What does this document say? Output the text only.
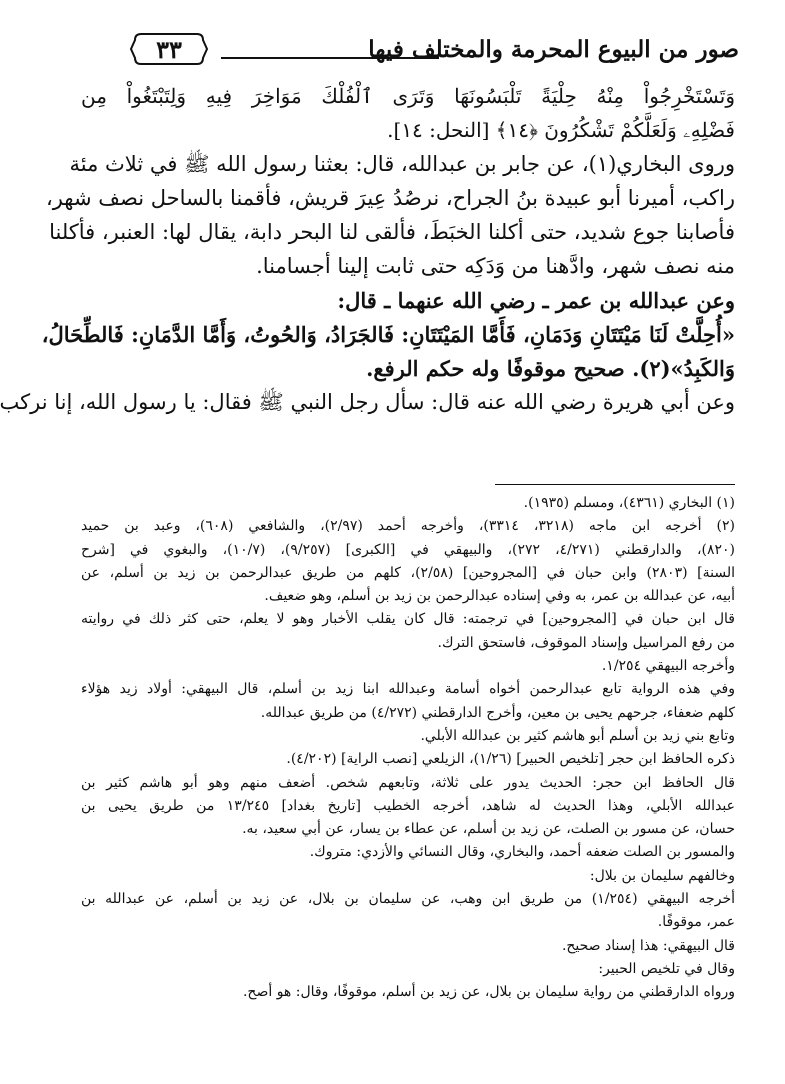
صور من البيوع المحرمة والمختلف فيها
٣٣
وَتَسْتَخْرِجُواْ مِنْهُ حِلْيَةً تَلْبَسُونَهَا وَتَرَى ٱلْفُلْكَ مَوَاخِرَ فِيهِ وَلِتَبْتَغُواْ مِن
فَضْلِهِۦ وَلَعَلَّكُمْ تَشْكُرُونَ ﴿١٤﴾ [النحل: ١٤].
وروى البخاري(١)، عن جابر بن عبدالله، قال: بعثنا رسول الله ﷺ في ثلاث مئة
راكب، أميرنا أبو عبيدة بنُ الجراح، نرصُدُ عِيرَ قريش، فأقمنا بالساحل نصف شهر،
فأصابنا جوع شديد، حتى أكلنا الخبَطَ، فألقى لنا البحر دابة، يقال لها: العنبر، فأكلنا
منه نصف شهر، وادَّهنا من وَدَكِه حتى ثابت إلينا أجسامنا.
وعن عبدالله بن عمر ـ رضي الله عنهما ـ قال:
«أُحِلَّتْ لَنَا مَيْتَتَانِ وَدَمَانِ، فَأَمَّا المَيْتَتَانِ: فَالجَرَادُ، وَالحُوتُ، وَأَمَّا الدَّمَانِ: فَالطِّحَالُ،
وَالكَبِدُ»(٢). صحيح موقوفًا وله حكم الرفع.
وعن أبي هريرة رضي الله عنه قال: سأل رجل النبي ﷺ فقال: يا رسول الله، إنا نركب
(١) البخاري (٤٣٦١)، ومسلم (١٩٣٥).
(٢) أخرجه ابن ماجه (٣٢١٨، ٣٣١٤)، وأخرجه أحمد (٢/٩٧)، والشافعي (٦٠٨)، وعبد بن حميد
(٨٢٠)، والدارقطني (٤/٢٧١، ٢٧٢)، والبيهقي في [الكبرى] (٩/٢٥٧)، (١٠/٧)، والبغوي في [شرح
السنة] (٢٨٠٣) وابن حبان في [المجروحين] (٢/٥٨)، كلهم من طريق عبدالرحمن بن زيد بن أسلم، عن
أبيه، عن عبدالله بن عمر، به وفي إسناده عبدالرحمن بن زيد بن أسلم، وهو ضعيف.
قال ابن حبان في [المجروحين] في ترجمته: قال كان يقلب الأخبار وهو لا يعلم، حتى كثر ذلك في روايته
من رفع المراسيل وإسناد الموقوف، فاستحق الترك.
وأخرجه البيهقي ١/٢٥٤.
وفي هذه الرواية تابع عبدالرحمن أخواه أسامة وعبدالله ابنا زيد بن أسلم، قال البيهقي: أولاد زيد هؤلاء
كلهم ضعفاء، جرحهم يحيى بن معين، وأخرج الدارقطني (٤/٢٧٢) من طريق عبدالله.
وتابع بني زيد بن أسلم أبو هاشم كثير بن عبدالله الأبلي.
ذكره الحافظ ابن حجر [تلخيص الحبير] (١/٢٦)، الزيلعي [نصب الراية] (٤/٢٠٢).
قال الحافظ ابن حجر: الحديث يدور على ثلاثة، وتابعهم شخص. أضعف منهم وهو أبو هاشم كثير بن
عبدالله الأبلي، وهذا الحديث له شاهد، أخرجه الخطيب [تاريخ بغداد] ١٣/٢٤٥ من طريق يحيى بن
حسان، عن مسور بن الصلت، عن زيد بن أسلم، عن عطاء بن يسار، عن أبي سعيد، به.
والمسور بن الصلت ضعفه أحمد، والبخاري، وقال النسائي والأزدي: متروك.
وخالفهم سليمان بن بلال:
أخرجه البيهقي (١/٢٥٤) من طريق ابن وهب، عن سليمان بن بلال، عن زيد بن أسلم، عن عبدالله بن
عمر، موقوفًا.
قال البيهقي: هذا إسناد صحيح.
وقال في تلخيص الحبير:
ورواه الدارقطني من رواية سليمان بن بلال، عن زيد بن أسلم، موقوفًا، وقال: هو أصح.
